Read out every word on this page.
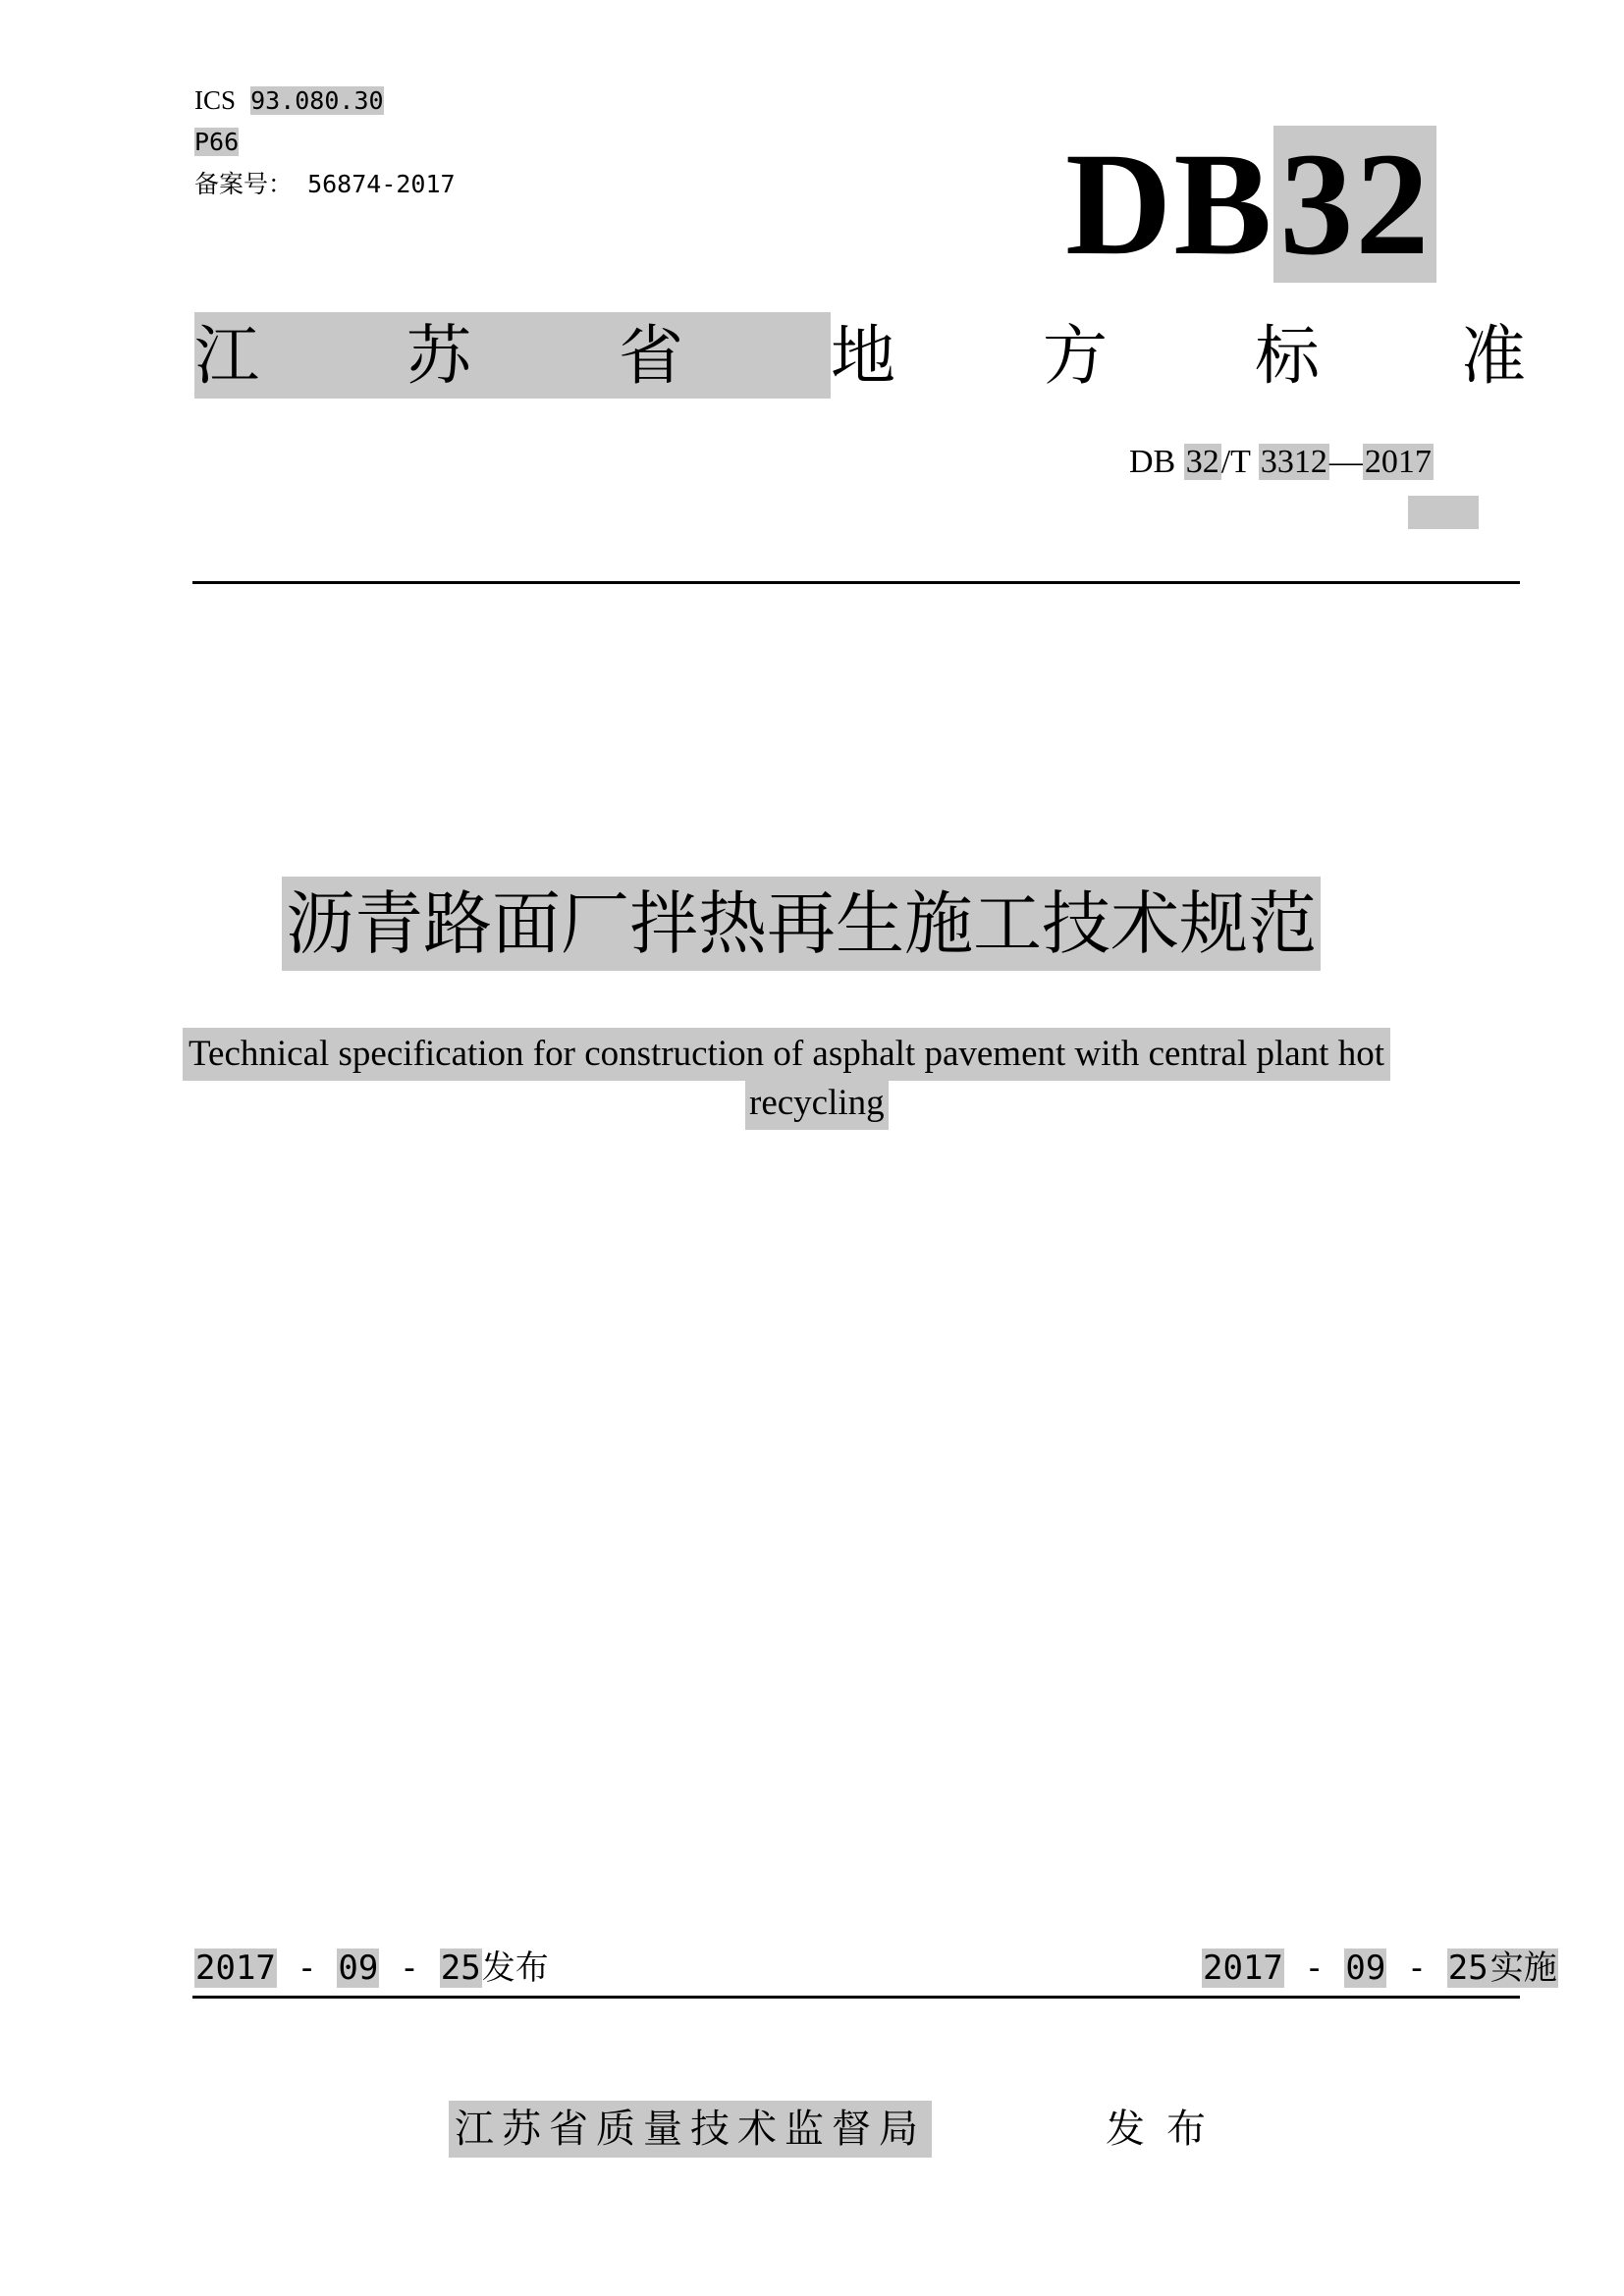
ICS 93.080.30
P66
备案号： 56874-2017	DB32
江 苏 省 地 方 标 准
DB 32/T 3312—2017
沥青路面厂拌热再生施工技术规范
Technical specification for construction of asphalt pavement with central plant hot
recycling
2017 - 09 - 25发布	2017 - 09 - 25实施
江苏省质量技术监督局	发布
